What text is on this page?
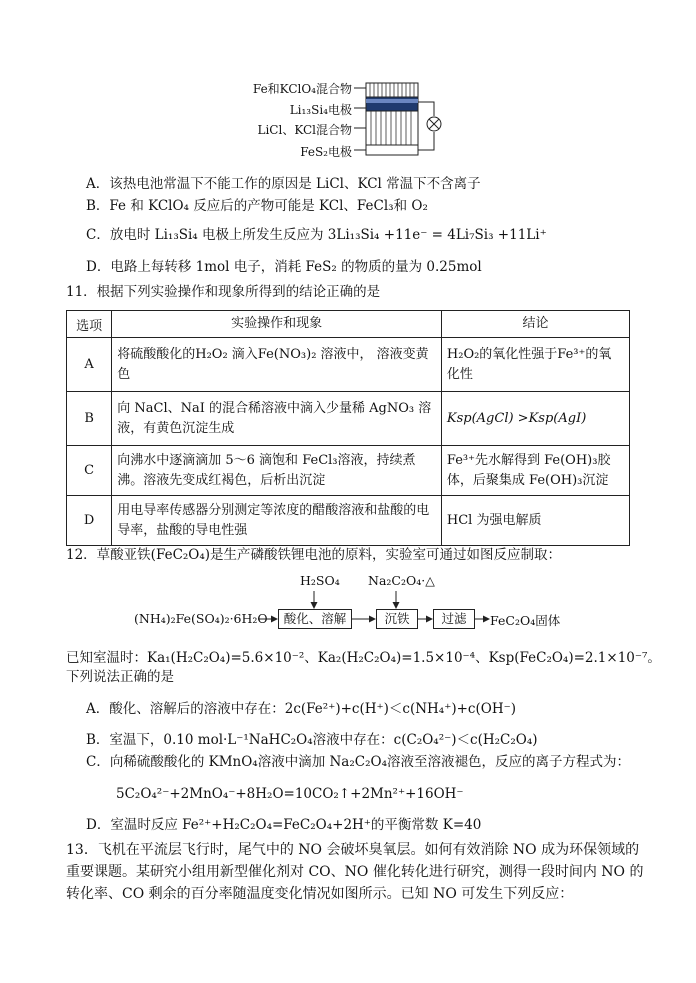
Fe和KClO₄混合物
Li₁₃Si₄电极
LiCl、KCl混合物
FeS₂电极
A．该热电池常温下不能工作的原因是 LiCl、KCl 常温下不含离子
B．Fe 和 KClO₄ 反应后的产物可能是 KCl、FeCl₃和 O₂
C．放电时 Li₁₃Si₄ 电极上所发生反应为 3Li₁₃Si₄ +11e⁻ = 4Li₇Si₃ +11Li⁺
D．电路上每转移 1mol 电子，消耗 FeS₂ 的物质的量为 0.25mol
11．根据下列实验操作和现象所得到的结论正确的是
选项	实验操作和现象	结论
A	将硫酸酸化的H₂O₂ 滴入Fe(NO₃)₂ 溶液中， 溶液变黄色	H₂O₂的氧化性强于Fe³⁺的氧化性
B	向 NaCl、NaI 的混合稀溶液中滴入少量稀 AgNO₃ 溶液，有黄色沉淀生成	Ksp(AgCl) >Ksp(AgI)
C	向沸水中逐滴滴加 5～6 滴饱和 FeCl₃溶液，持续煮沸。溶液先变成红褐色，后析出沉淀	Fe³⁺先水解得到 Fe(OH)₃胶体，后聚集成 Fe(OH)₃沉淀
D	用电导率传感器分别测定等浓度的醋酸溶液和盐酸的电导率，盐酸的导电性强	HCl 为强电解质
12．草酸亚铁(FeC₂O₄)是生产磷酸铁锂电池的原料，实验室可通过如图反应制取：
H₂SO₄ Na₂C₂O₄·△
(NH₄)₂Fe(SO₄)₂·6H₂O	酸化、溶解	沉铁	过滤	FeC₂O₄固体
已知室温时：Ka₁(H₂C₂O₄)=5.6×10⁻²、Ka₂(H₂C₂O₄)=1.5×10⁻⁴、Ksp(FeC₂O₄)=2.1×10⁻⁷。
下列说法正确的是
A．酸化、溶解后的溶液中存在：2c(Fe²⁺)+c(H⁺)＜c(NH₄⁺)+c(OH⁻)
B．室温下，0.10 mol·L⁻¹NaHC₂O₄溶液中存在：c(C₂O₄²⁻)＜c(H₂C₂O₄)
C．向稀硫酸酸化的 KMnO₄溶液中滴加 Na₂C₂O₄溶液至溶液褪色，反应的离子方程式为：
5C₂O₄²⁻+2MnO₄⁻+8H₂O=10CO₂↑+2Mn²⁺+16OH⁻
D．室温时反应 Fe²⁺+H₂C₂O₄=FeC₂O₄+2H⁺的平衡常数 K=40
13．飞机在平流层飞行时，尾气中的 NO 会破坏臭氧层。如何有效消除 NO 成为环保领域的
重要课题。某研究小组用新型催化剂对 CO、NO 催化转化进行研究，测得一段时间内 NO 的
转化率、CO 剩余的百分率随温度变化情况如图所示。已知 NO 可发生下列反应：
